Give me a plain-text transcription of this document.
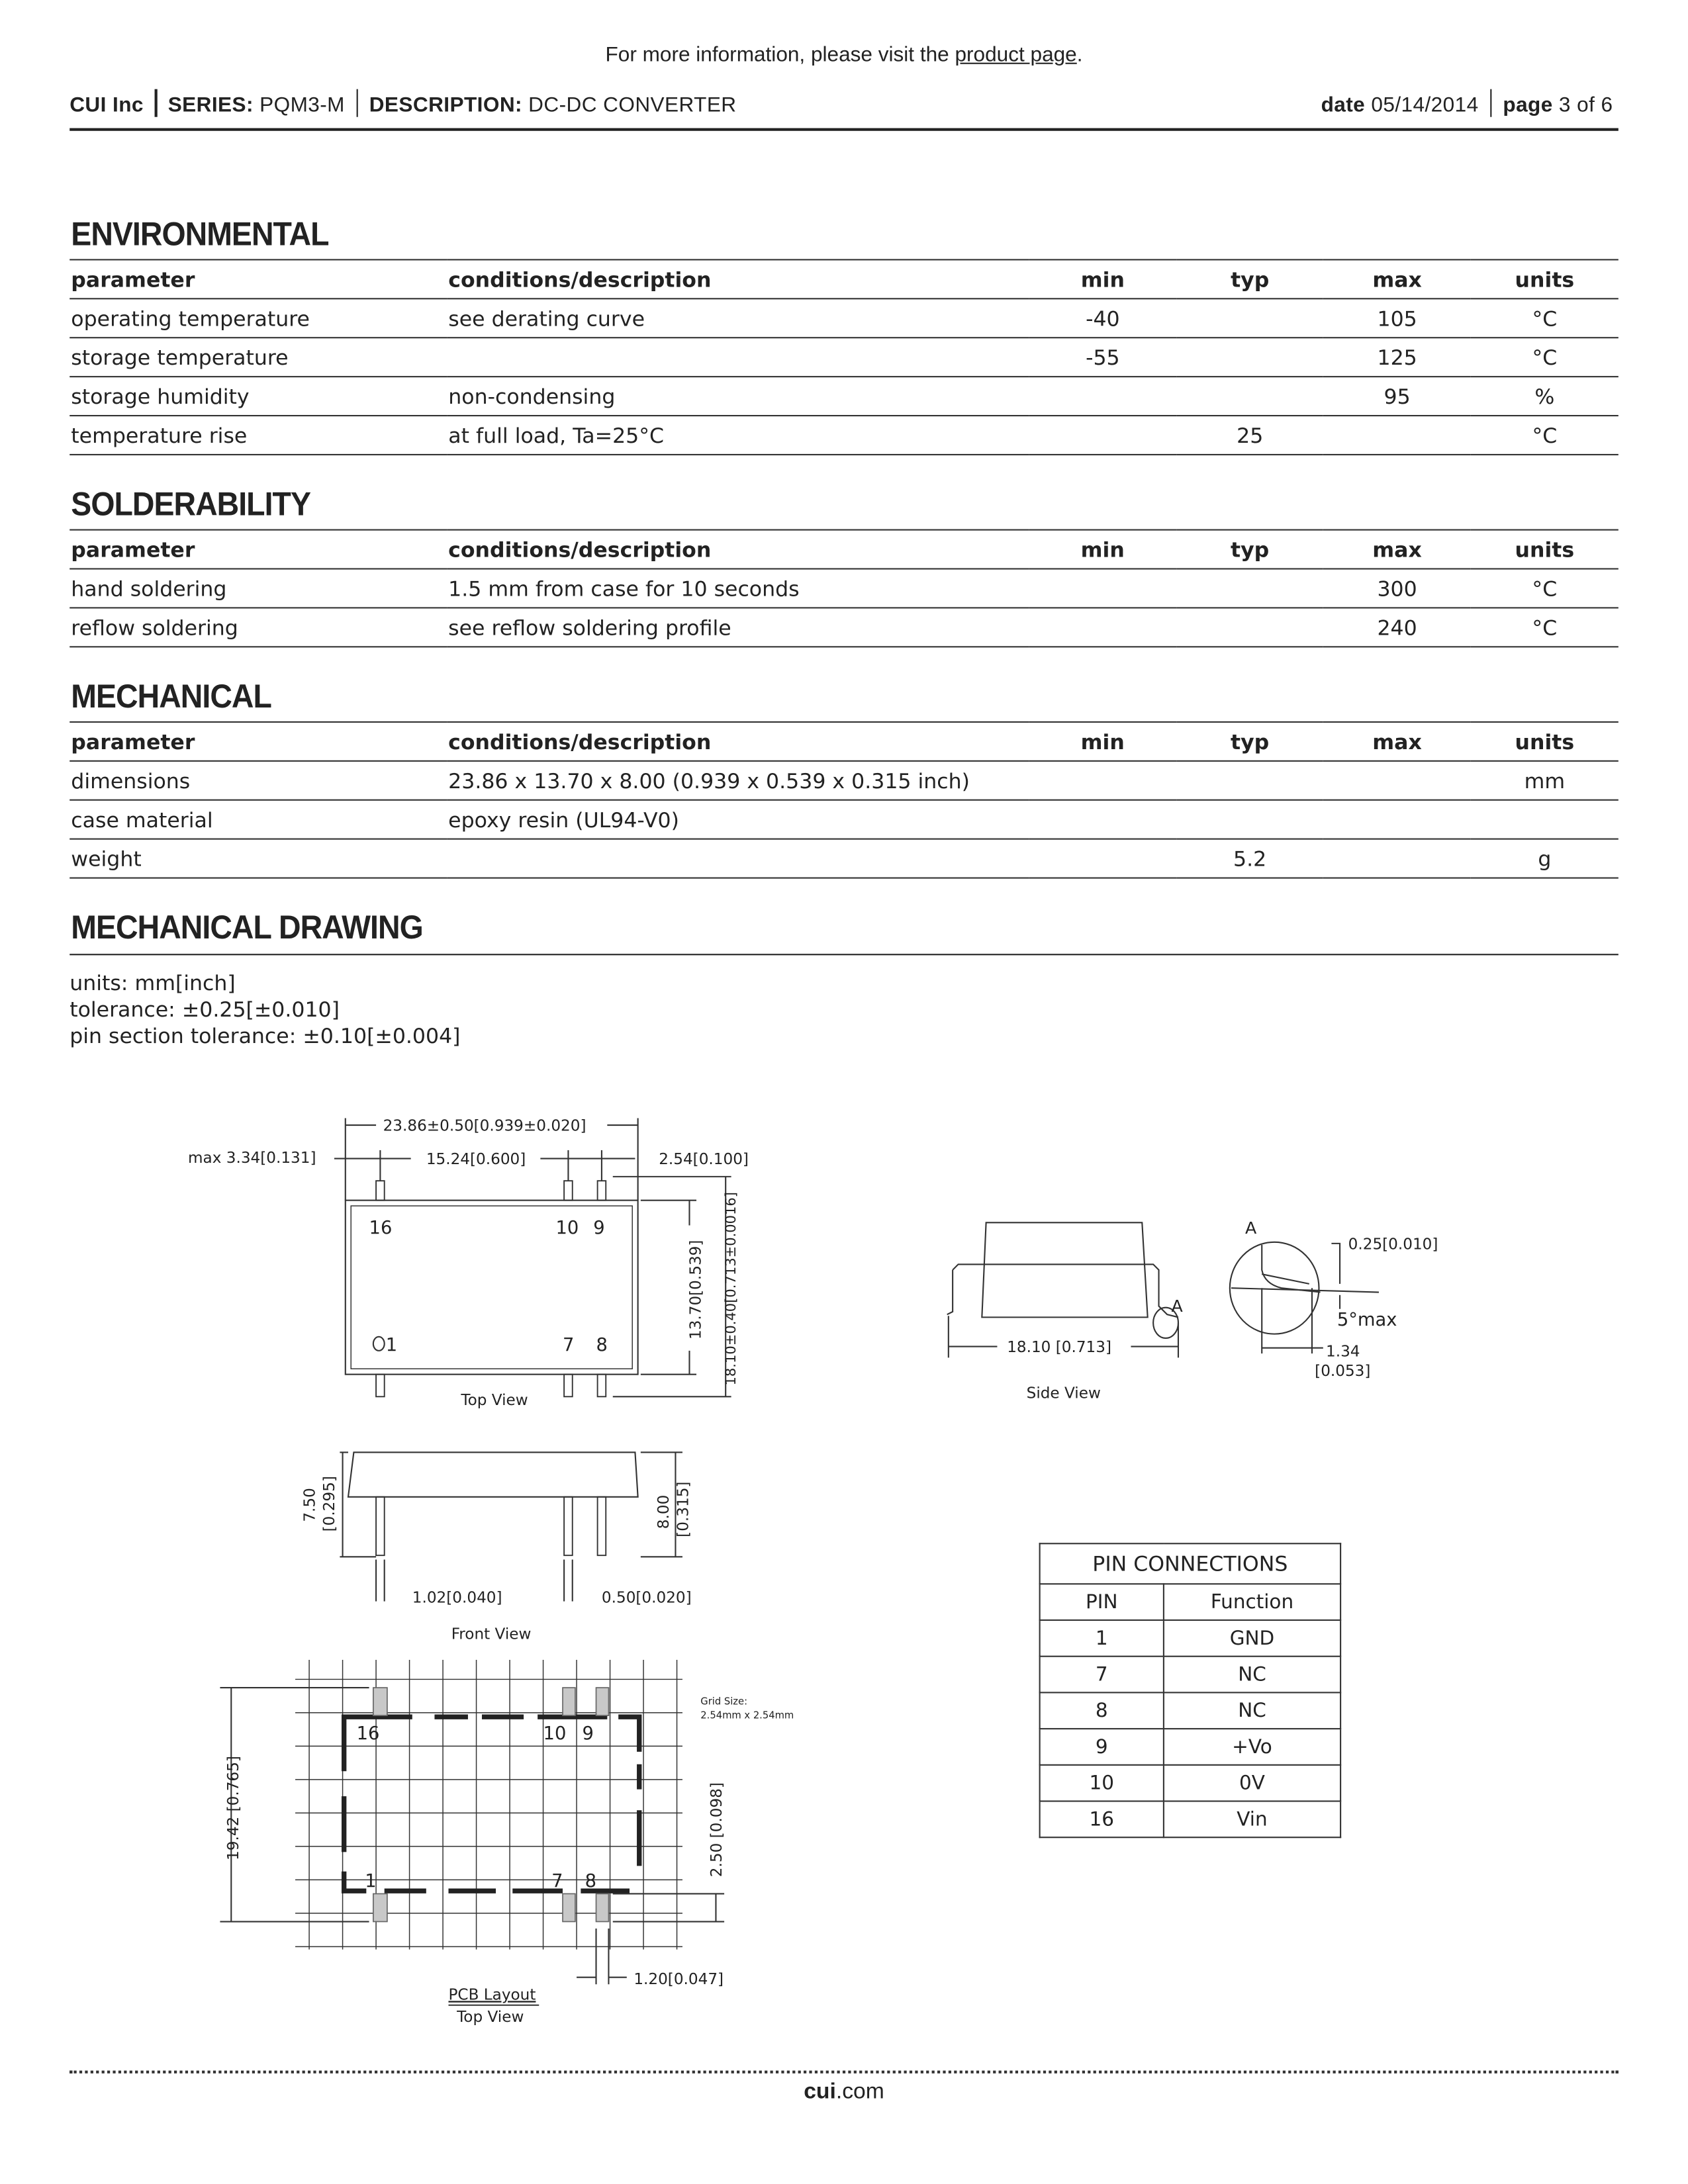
For more information, please visit the product page.
CUI Inc SERIES: PQM3-M DESCRIPTION: DC-DC CONVERTER	date 05/14/2014 page 3 of 6
ENVIRONMENTAL
parameter	conditions/description	min	typ	max	units
operating temperature	see derating curve	-40		105	°C
storage temperature		-55		125	°C
storage humidity	non-condensing			95	%
temperature rise	at full load, Ta=25°C		25		°C
SOLDERABILITY
parameter	conditions/description	min	typ	max	units
hand soldering	1.5 mm from case for 10 seconds			300	°C
reflow soldering	see reflow soldering profile			240	°C
MECHANICAL
parameter	conditions/description	min	typ	max	units
dimensions	23.86 x 13.70 x 8.00 (0.939 x 0.539 x 0.315 inch)				mm
case material	epoxy resin (UL94-V0)				
weight			5.2		g
MECHANICAL DRAWING
units: mm[inch]
tolerance: ±0.25[±0.010]
pin section tolerance: ±0.10[±0.004]
23.86±0.50[0.939±0.020]
max 3.34[0.131]	15.24[0.600]	2.54[0.100]
13.70[0.539]	18.10±0.40[0.713±0.0016]
16	10 9
1	7	8
Top View
A
18.10 [0.713]
Side View
A
0.25[0.010]
5°max
1.34
[0.053]
7.50 [0.295]	8.00 [0.315]
1.02[0.040]	0.50[0.020]
Front View
16	10 9
1	7	8
19.42 [0.765]	2.50 [0.098]
Grid Size:
2.54mm x 2.54mm
1.20[0.047]
PCB Layout
Top View
PIN CONNECTIONS	
PIN	Function
1	GND
7	NC
8	NC
9	+Vo
10	0V
16	Vin
cui.com
